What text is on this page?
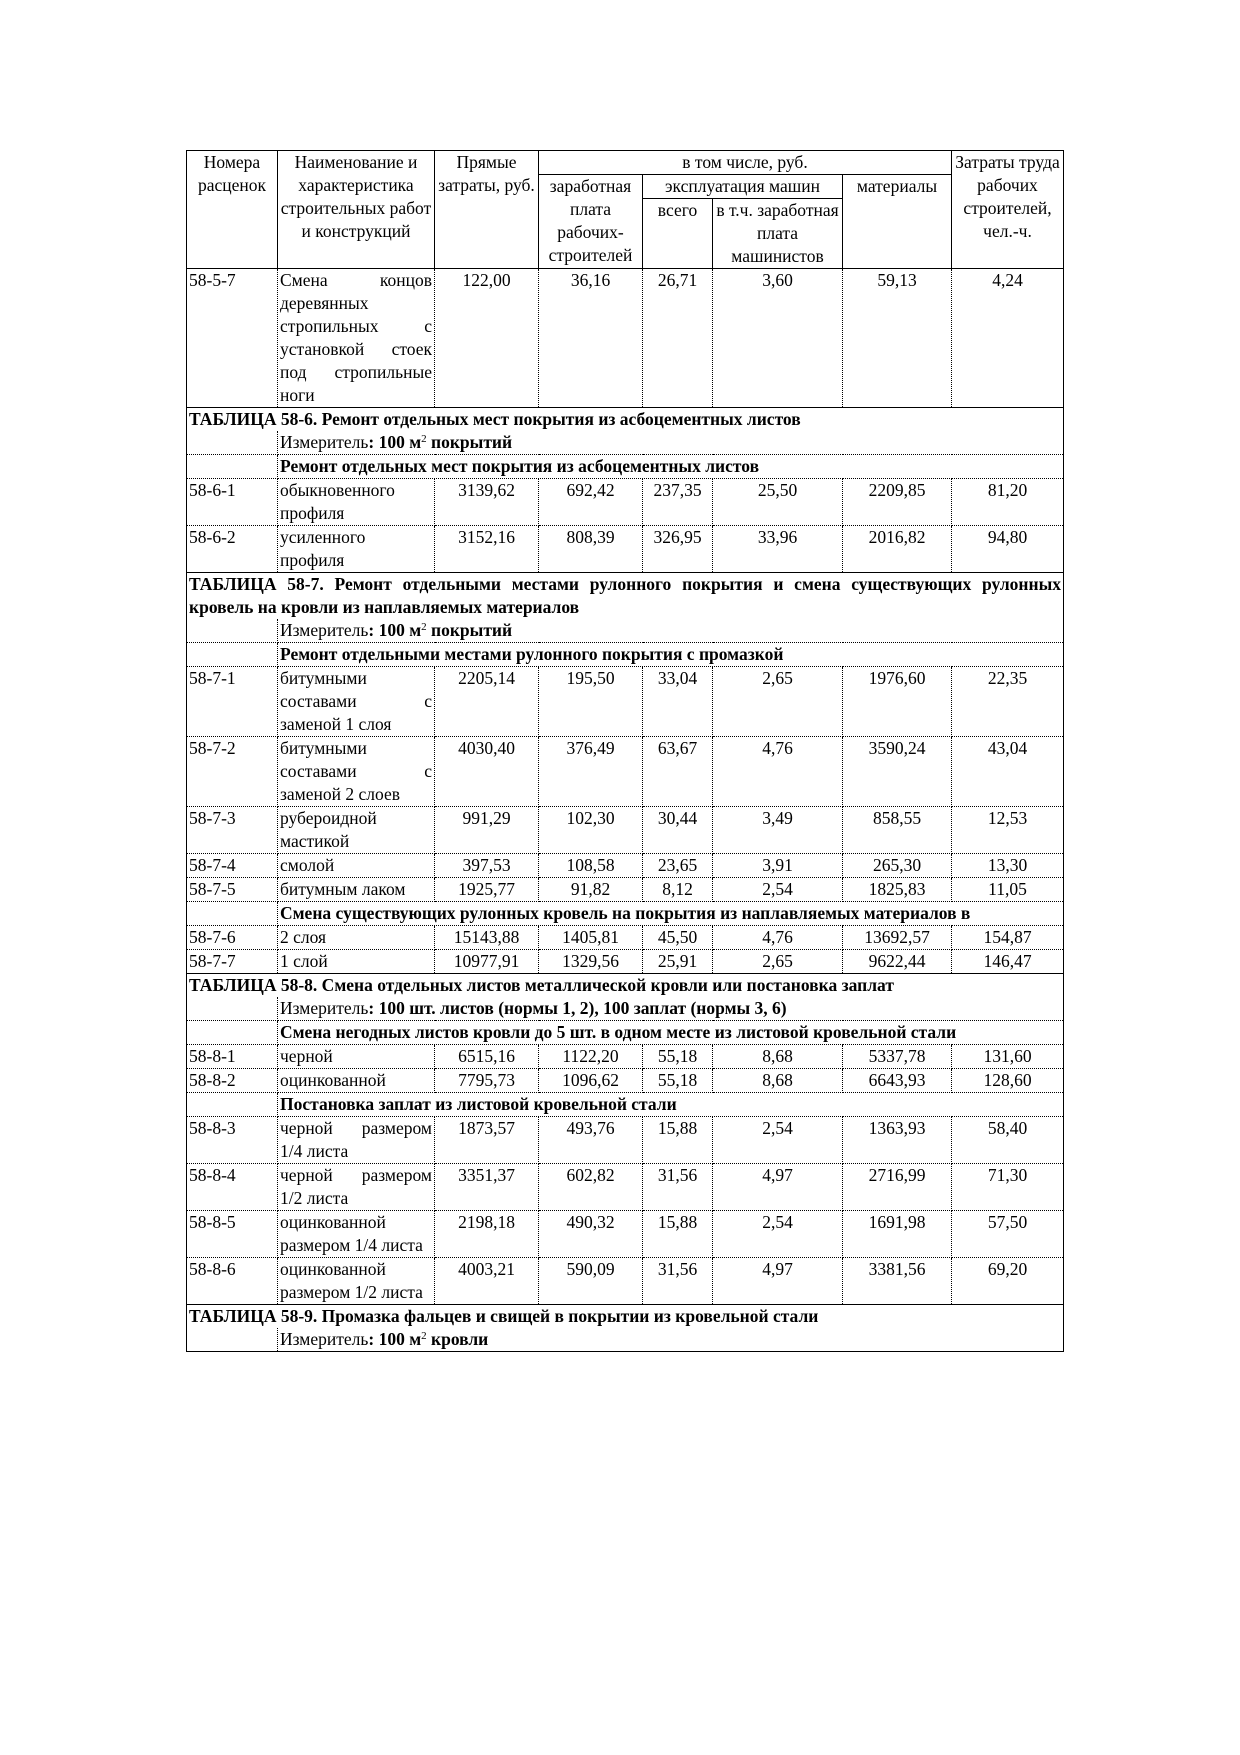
Номера расценок	Наименование и характеристика строительных работ и конструкций	Прямые затраты, руб.	в том числе, руб.				Затраты труда рабочих строителей, чел.-ч.
			заработная плата рабочих-строителей	эксплуатация машин		материалы	
				всего	в т.ч. заработная плата машинистов		
58-5-7	Смена концов деревянных стропильных с установкой стоек под стропильные ноги	122,00	36,16	26,71	3,60	59,13	4,24
ТАБЛИЦА 58-6. Ремонт отдельных мест покрытия из асбоцементных листов							
	Измеритель: 100 $м^2$ покрытий						
	Ремонт отдельных мест покрытия из асбоцементных листов						
58-6-1	обыкновенного профиля	3139,62	692,42	237,35	25,50	2209,85	81,20
58-6-2	усиленного профиля	3152,16	808,39	326,95	33,96	2016,82	94,80
ТАБЛИЦА 58-7. Ремонт отдельными местами рулонного покрытия и смена существующих рулонных кровель на кровли из наплавляемых материалов							
	Измеритель: 100 $м^2$ покрытий						
	Ремонт отдельными местами рулонного покрытия с промазкой						
58-7-1	битумными составами с заменой 1 слоя	2205,14	195,50	33,04	2,65	1976,60	22,35
58-7-2	битумными составами с заменой 2 слоев	4030,40	376,49	63,67	4,76	3590,24	43,04
58-7-3	рубероидной мастикой	991,29	102,30	30,44	3,49	858,55	12,53
58-7-4	смолой	397,53	108,58	23,65	3,91	265,30	13,30
58-7-5	битумным лаком	1925,77	91,82	8,12	2,54	1825,83	11,05
	Смена существующих рулонных кровель на покрытия из наплавляемых материалов в						
58-7-6	2 слоя	15143,88	1405,81	45,50	4,76	13692,57	154,87
58-7-7	1 слой	10977,91	1329,56	25,91	2,65	9622,44	146,47
ТАБЛИЦА 58-8. Смена отдельных листов металлической кровли или постановка заплат							
	Измеритель: 100 шт. листов (нормы 1, 2), 100 заплат (нормы 3, 6)						
	Смена негодных листов кровли до 5 шт. в одном месте из листовой кровельной стали						
58-8-1	черной	6515,16	1122,20	55,18	8,68	5337,78	131,60
58-8-2	оцинкованной	7795,73	1096,62	55,18	8,68	6643,93	128,60
	Постановка заплат из листовой кровельной стали						
58-8-3	черной размером 1/4 листа	1873,57	493,76	15,88	2,54	1363,93	58,40
58-8-4	черной размером 1/2 листа	3351,37	602,82	31,56	4,97	2716,99	71,30
58-8-5	оцинкованной размером 1/4 листа	2198,18	490,32	15,88	2,54	1691,98	57,50
58-8-6	оцинкованной размером 1/2 листа	4003,21	590,09	31,56	4,97	3381,56	69,20
ТАБЛИЦА 58-9. Промазка фальцев и свищей в покрытии из кровельной стали							
	Измеритель: 100 $м^2$ кровли						
